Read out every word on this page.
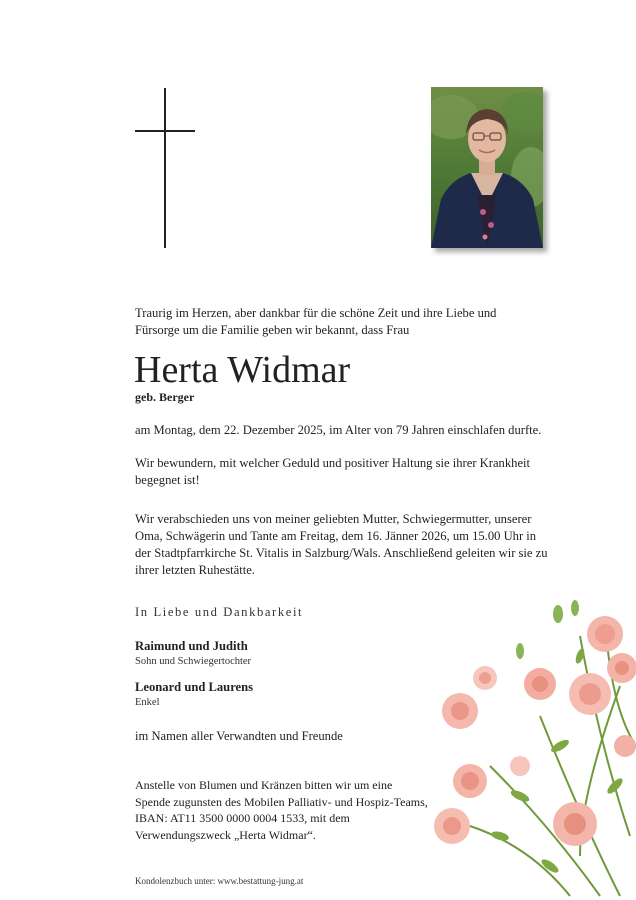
Traurig im Herzen, aber dankbar für die schöne Zeit und ihre Liebe und Fürsorge um die Familie geben wir bekannt, dass Frau
Herta Widmar
geb. Berger
am Montag, dem 22. Dezember 2025, im Alter von 79 Jahren einschlafen durfte.
Wir bewundern, mit welcher Geduld und positiver Haltung sie ihrer Krankheit begegnet ist!
Wir verabschieden uns von meiner geliebten Mutter, Schwiegermutter, unserer Oma, Schwägerin und Tante am Freitag, dem 16. Jänner 2026, um 15.00 Uhr in der Stadtpfarrkirche St. Vitalis in Salzburg/Wals. Anschließend geleiten wir sie zu ihrer letzten Ruhestätte.
In Liebe und Dankbarkeit
Raimund und Judith
Sohn und Schwiegertochter
Leonard und Laurens
Enkel
im Namen aller Verwandten und Freunde
Anstelle von Blumen und Kränzen bitten wir um eine
Spende zugunsten des Mobilen Palliativ- und Hospiz-Teams,
IBAN: AT11 3500 0000 0004 1533, mit dem
Verwendungszweck „Herta Widmar“.
Kondolenzbuch unter: www.bestattung-jung.at
